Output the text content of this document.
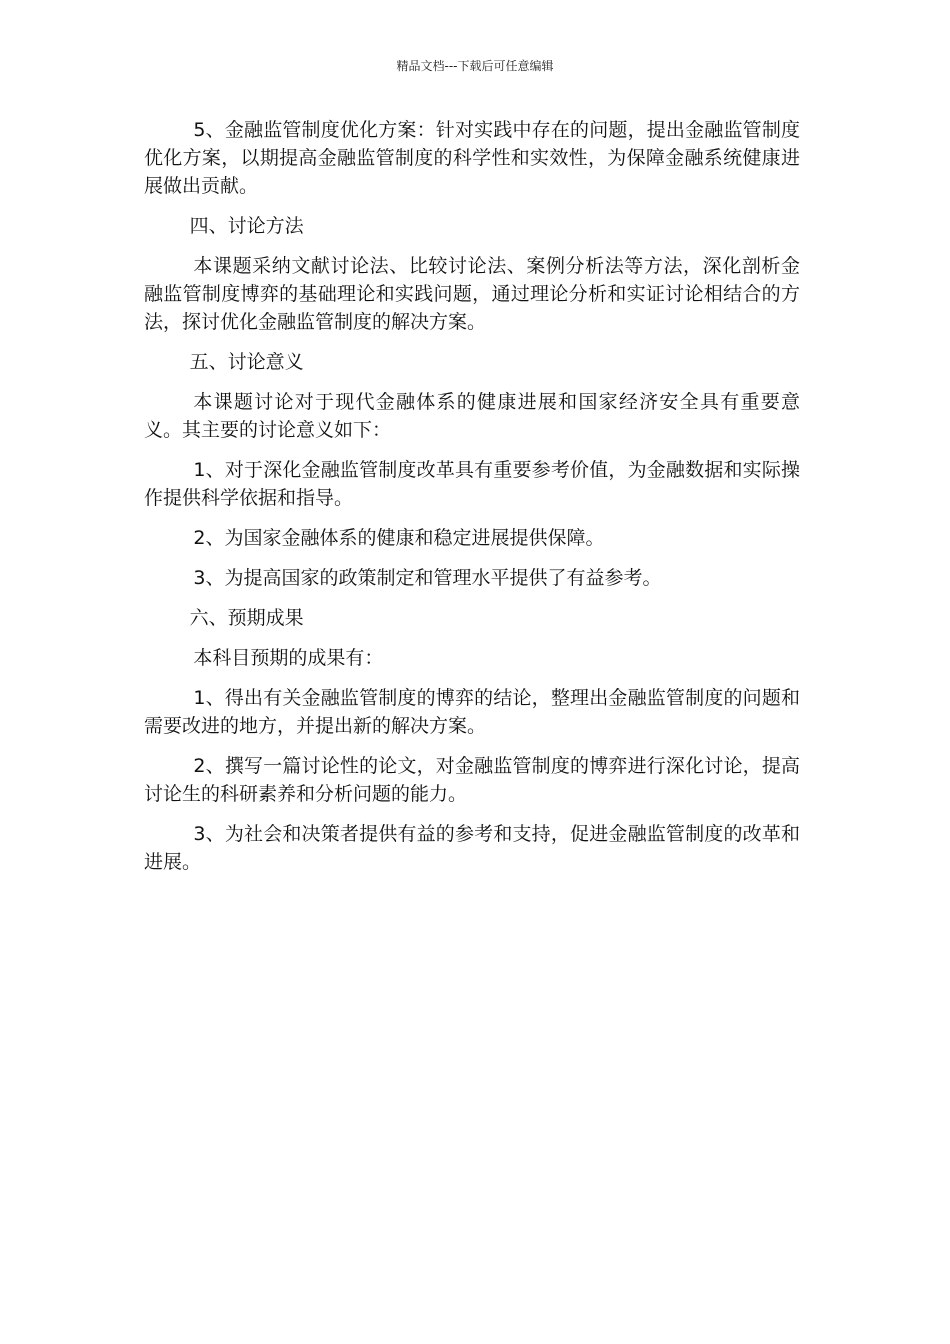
精品文档---下载后可任意编辑

5、金融监管制度优化方案：针对实践中存在的问题，提出金融监管制度优化方案，以期提高金融监管制度的科学性和实效性，为保障金融系统健康进展做出贡献。

四、讨论方法

本课题采纳文献讨论法、比较讨论法、案例分析法等方法，深化剖析金融监管制度博弈的基础理论和实践问题，通过理论分析和实证讨论相结合的方法，探讨优化金融监管制度的解决方案。

五、讨论意义

本课题讨论对于现代金融体系的健康进展和国家经济安全具有重要意义。其主要的讨论意义如下：

1、对于深化金融监管制度改革具有重要参考价值，为金融数据和实际操作提供科学依据和指导。

2、为国家金融体系的健康和稳定进展提供保障。

3、为提高国家的政策制定和管理水平提供了有益参考。

六、预期成果

本科目预期的成果有：

1、得出有关金融监管制度的博弈的结论，整理出金融监管制度的问题和需要改进的地方，并提出新的解决方案。

2、撰写一篇讨论性的论文，对金融监管制度的博弈进行深化讨论，提高讨论生的科研素养和分析问题的能力。

3、为社会和决策者提供有益的参考和支持，促进金融监管制度的改革和进展。
